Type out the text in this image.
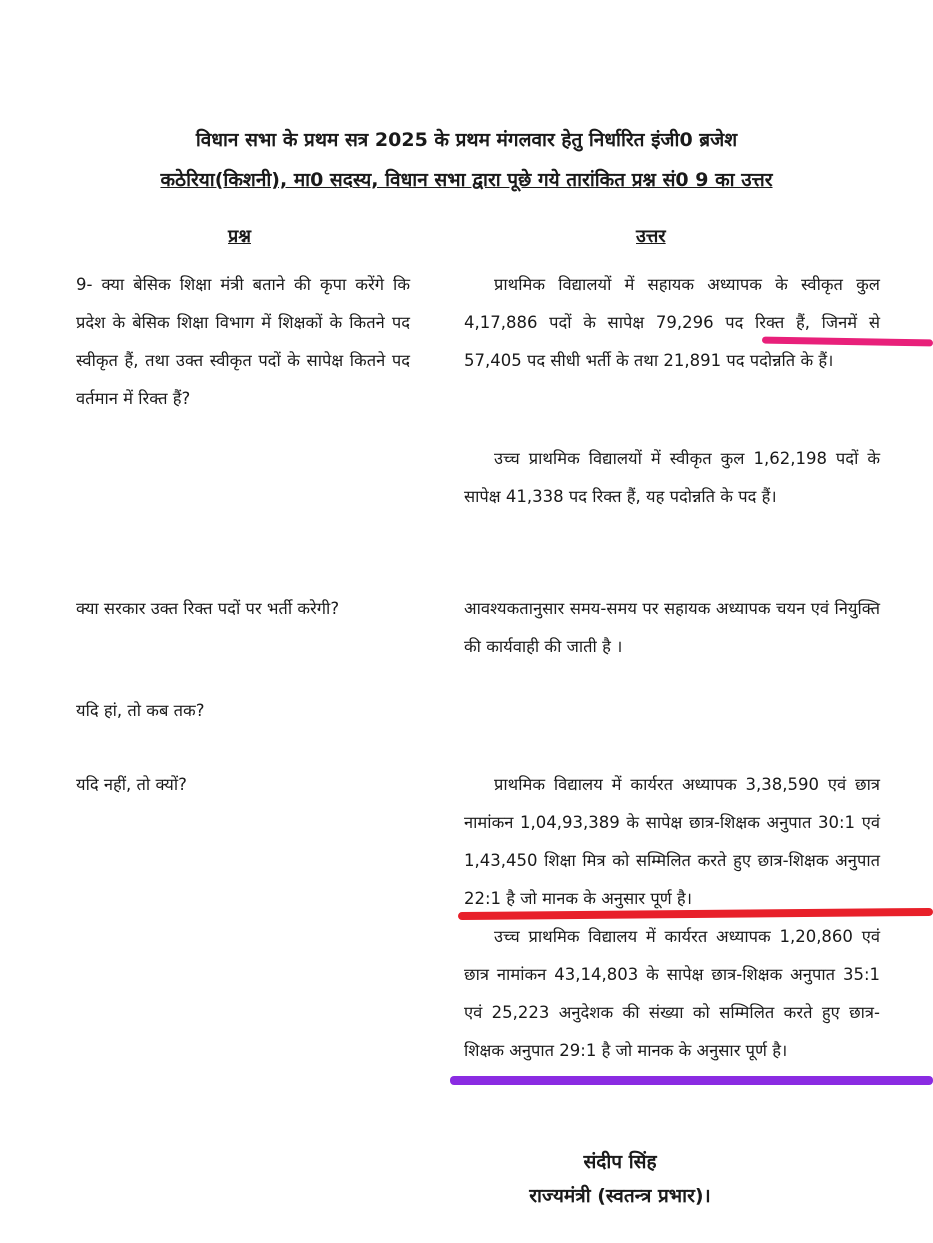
विधान सभा के प्रथम सत्र 2025 के प्रथम मंगलवार हेतु निर्धारित इंजी0 ब्रजेश
कठेरिया(किशनी), मा0 सदस्य, विधान सभा द्वारा पूछे गये तारांकित प्रश्न सं0 9 का उत्तर
प्रश्न	उत्तर
9- क्या बेसिक शिक्षा मंत्री बताने की कृपा करेंगे कि प्रदेश के बेसिक शिक्षा विभाग में शिक्षकों के कितने पद स्वीकृत हैं, तथा उक्त स्वीकृत पदों के सापेक्ष कितने पद वर्तमान में रिक्त हैं?
क्या सरकार उक्त रिक्त पदों पर भर्ती करेगी?
यदि हां, तो कब तक?
यदि नहीं, तो क्यों?
प्राथमिक विद्यालयों में सहायक अध्यापक के स्वीकृत कुल 4,17,886 पदों के सापेक्ष 79,296 पद रिक्त हैं, जिनमें से 57,405 पद सीधी भर्ती के तथा 21,891 पद पदोन्नति के हैं।
उच्च प्राथमिक विद्यालयों में स्वीकृत कुल 1,62,198 पदों के सापेक्ष 41,338 पद रिक्त हैं, यह पदोन्नति के पद हैं।
आवश्यकतानुसार समय-समय पर सहायक अध्यापक चयन एवं नियुक्ति की कार्यवाही की जाती है ।
प्राथमिक विद्यालय में कार्यरत अध्यापक 3,38,590 एवं छात्र नामांकन 1,04,93,389 के सापेक्ष छात्र-शिक्षक अनुपात 30:1 एवं 1,43,450 शिक्षा मित्र को सम्मिलित करते हुए छात्र-शिक्षक अनुपात 22:1 है जो मानक के अनुसार पूर्ण है।
उच्च प्राथमिक विद्यालय में कार्यरत अध्यापक 1,20,860 एवं छात्र नामांकन 43,14,803 के सापेक्ष छात्र-शिक्षक अनुपात 35:1 एवं 25,223 अनुदेशक की संख्या को सम्मिलित करते हुए छात्र-शिक्षक अनुपात 29:1 है जो मानक के अनुसार पूर्ण है।
संदीप सिंह
राज्यमंत्री (स्वतन्त्र प्रभार)।
